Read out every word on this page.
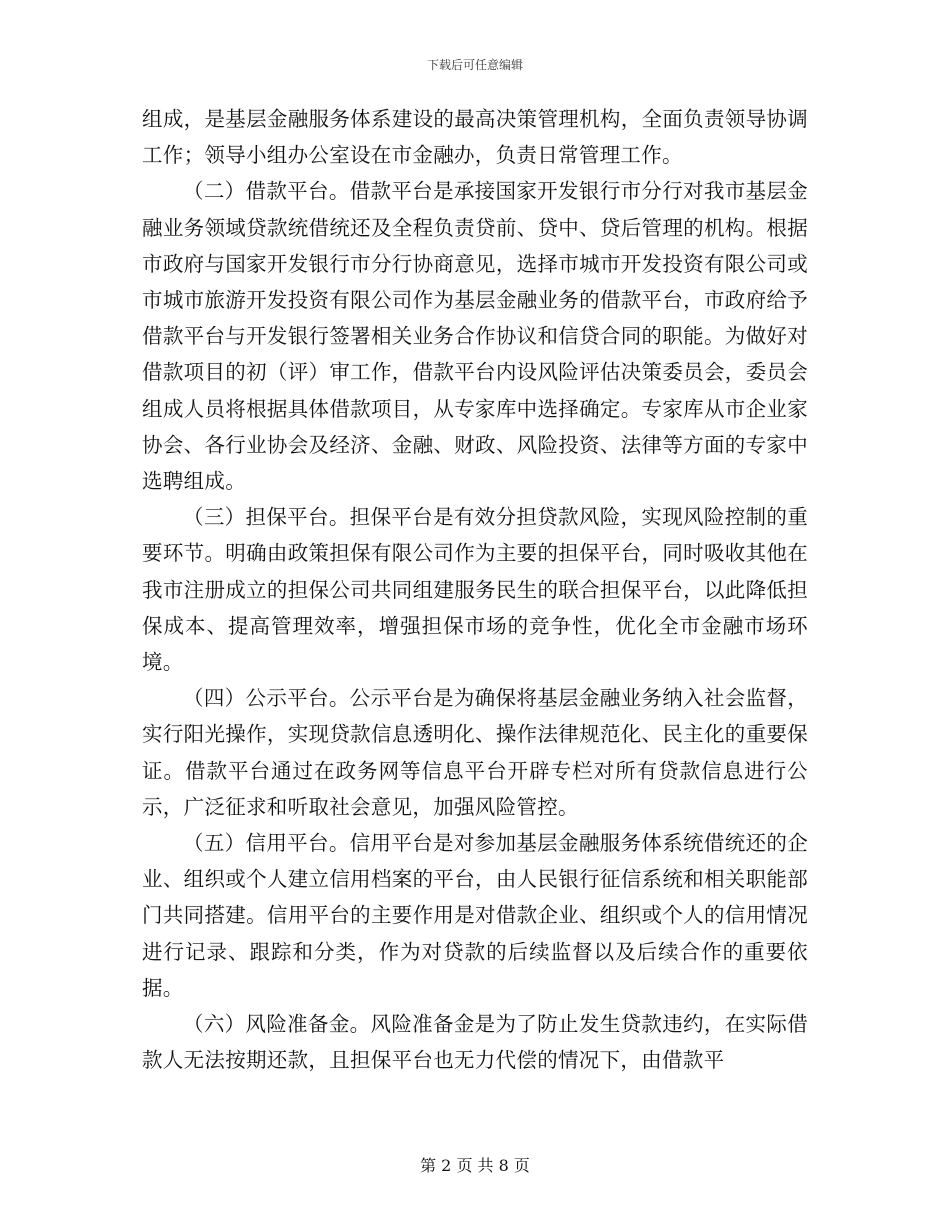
下载后可任意编辑

组成，是基层金融服务体系建设的最高决策管理机构，全面负责领导协调工作；领导小组办公室设在市金融办，负责日常管理工作。

（二）借款平台。借款平台是承接国家开发银行市分行对我市基层金融业务领域贷款统借统还及全程负责贷前、贷中、贷后管理的机构。根据市政府与国家开发银行市分行协商意见，选择市城市开发投资有限公司或市城市旅游开发投资有限公司作为基层金融业务的借款平台，市政府给予借款平台与开发银行签署相关业务合作协议和信贷合同的职能。为做好对借款项目的初（评）审工作，借款平台内设风险评估决策委员会，委员会组成人员将根据具体借款项目，从专家库中选择确定。专家库从市企业家协会、各行业协会及经济、金融、财政、风险投资、法律等方面的专家中选聘组成。

（三）担保平台。担保平台是有效分担贷款风险，实现风险控制的重要环节。明确由政策担保有限公司作为主要的担保平台，同时吸收其他在我市注册成立的担保公司共同组建服务民生的联合担保平台，以此降低担保成本、提高管理效率，增强担保市场的竞争性，优化全市金融市场环境。

（四）公示平台。公示平台是为确保将基层金融业务纳入社会监督，实行阳光操作，实现贷款信息透明化、操作法律规范化、民主化的重要保证。借款平台通过在政务网等信息平台开辟专栏对所有贷款信息进行公示，广泛征求和听取社会意见，加强风险管控。

（五）信用平台。信用平台是对参加基层金融服务体系统借统还的企业、组织或个人建立信用档案的平台，由人民银行征信系统和相关职能部门共同搭建。信用平台的主要作用是对借款企业、组织或个人的信用情况进行记录、跟踪和分类，作为对贷款的后续监督以及后续合作的重要依据。

（六）风险准备金。风险准备金是为了防止发生贷款违约，在实际借款人无法按期还款，且担保平台也无力代偿的情况下，由借款平

第 2 页 共 8 页
